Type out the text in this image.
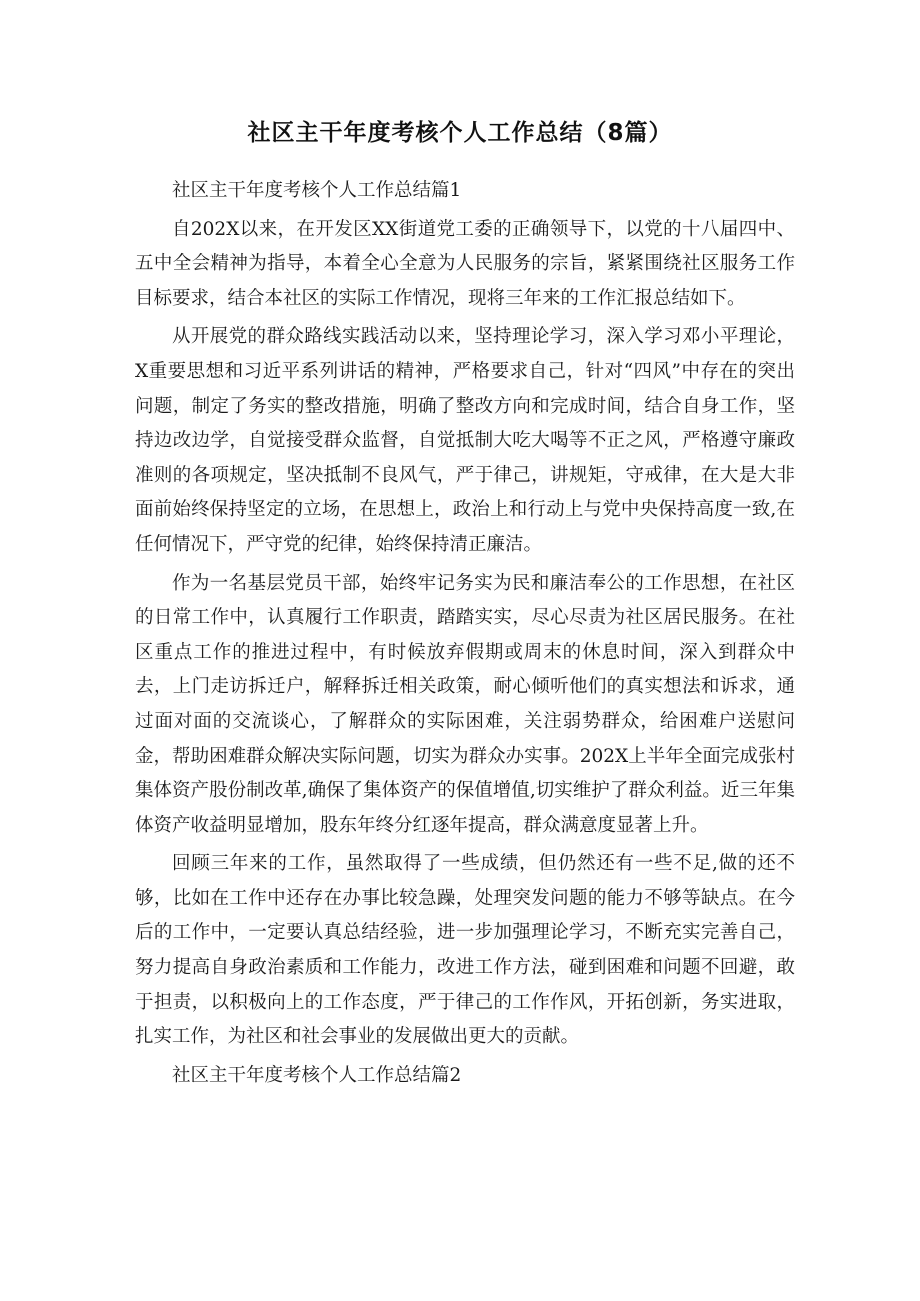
社区主干年度考核个人工作总结（8篇）

社区主干年度考核个人工作总结篇1

自202X以来，在开发区XX街道党工委的正确领导下，以党的十八届四中、五中全会精神为指导，本着全心全意为人民服务的宗旨，紧紧围绕社区服务工作目标要求，结合本社区的实际工作情况，现将三年来的工作汇报总结如下。

从开展党的群众路线实践活动以来，坚持理论学习，深入学习邓小平理论，X重要思想和习近平系列讲话的精神，严格要求自己，针对“四风”中存在的突出问题，制定了务实的整改措施，明确了整改方向和完成时间，结合自身工作，坚持边改边学，自觉接受群众监督，自觉抵制大吃大喝等不正之风，严格遵守廉政准则的各项规定，坚决抵制不良风气，严于律己，讲规矩，守戒律，在大是大非面前始终保持坚定的立场，在思想上，政治上和行动上与党中央保持高度一致,在任何情况下，严守党的纪律，始终保持清正廉洁。

作为一名基层党员干部，始终牢记务实为民和廉洁奉公的工作思想，在社区的日常工作中，认真履行工作职责，踏踏实实，尽心尽责为社区居民服务。在社区重点工作的推进过程中，有时候放弃假期或周末的休息时间，深入到群众中去，上门走访拆迁户，解释拆迁相关政策，耐心倾听他们的真实想法和诉求，通过面对面的交流谈心，了解群众的实际困难，关注弱势群众，给困难户送慰问金，帮助困难群众解决实际问题，切实为群众办实事。202X上半年全面完成张村集体资产股份制改革,确保了集体资产的保值增值,切实维护了群众利益。近三年集体资产收益明显增加，股东年终分红逐年提高，群众满意度显著上升。

回顾三年来的工作，虽然取得了一些成绩，但仍然还有一些不足,做的还不够，比如在工作中还存在办事比较急躁，处理突发问题的能力不够等缺点。在今后的工作中，一定要认真总结经验，进一步加强理论学习，不断充实完善自己，努力提高自身政治素质和工作能力，改进工作方法，碰到困难和问题不回避，敢于担责，以积极向上的工作态度，严于律己的工作作风，开拓创新，务实进取，扎实工作，为社区和社会事业的发展做出更大的贡献。

社区主干年度考核个人工作总结篇2
